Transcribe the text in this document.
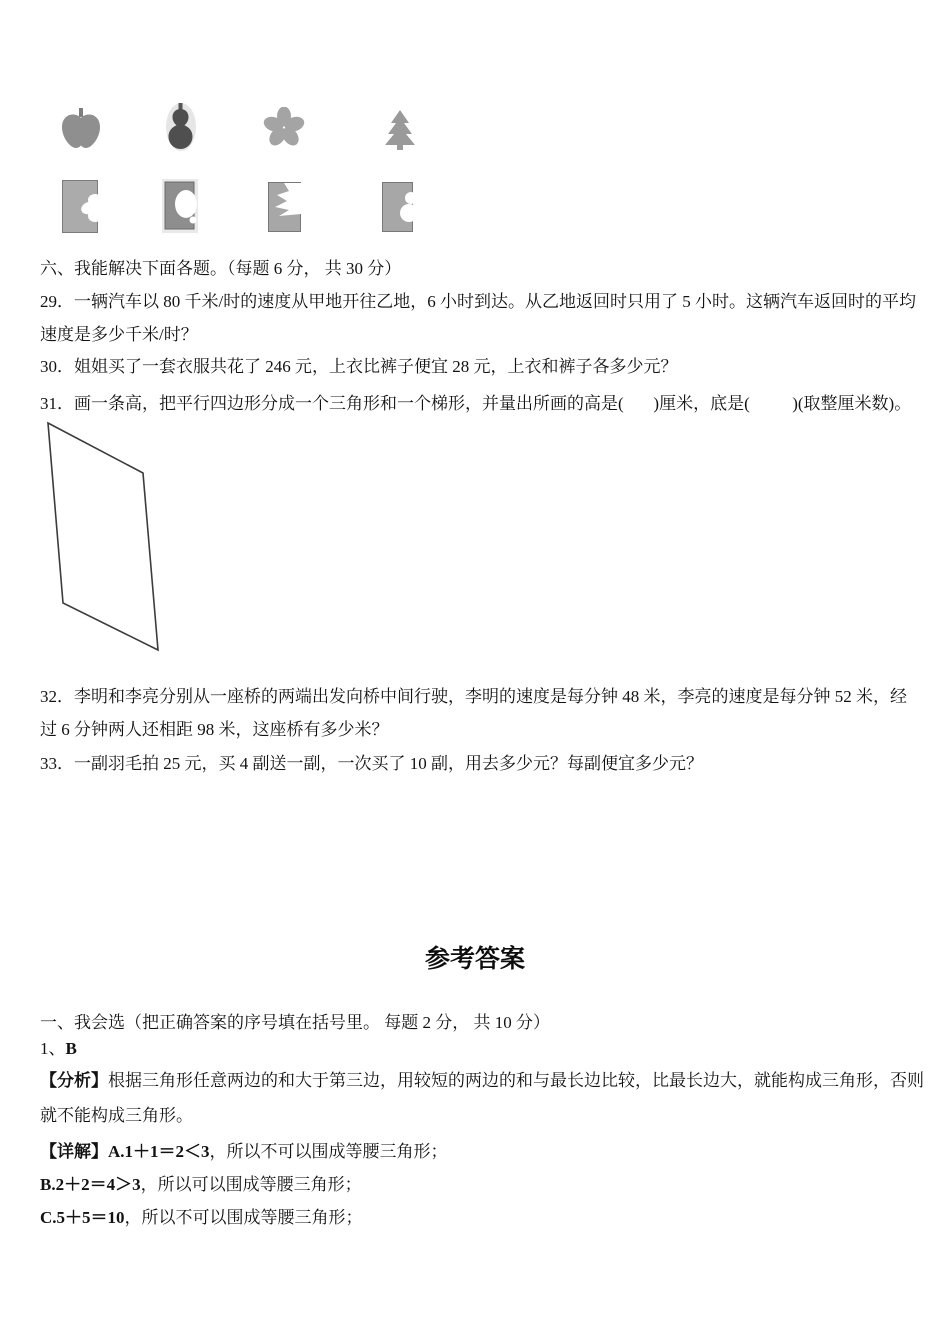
六、我能解决下面各题。（每题 6 分， 共 30 分）
29．一辆汽车以 80 千米/时的速度从甲地开往乙地，6 小时到达。从乙地返回时只用了 5 小时。这辆汽车返回时的平均
速度是多少千米/时？
30．姐姐买了一套衣服共花了 246 元，上衣比裤子便宜 28 元，上衣和裤子各多少元？
31．画一条高，把平行四边形分成一个三角形和一个梯形，并量出所画的高是(       )厘米，底是(          )(取整厘米数)。
32．李明和李亮分别从一座桥的两端出发向桥中间行驶，李明的速度是每分钟 48 米，李亮的速度是每分钟 52 米，经
过 6 分钟两人还相距 98 米，这座桥有多少米？
33．一副羽毛拍 25 元，买 4 副送一副，一次买了 10 副，用去多少元？每副便宜多少元？
参考答案
一、我会选（把正确答案的序号填在括号里。 每题 2 分， 共 10 分）
1、B
【分析】根据三角形任意两边的和大于第三边，用较短的两边的和与最长边比较，比最长边大，就能构成三角形，否则
就不能构成三角形。
【详解】A.1＋1＝2＜3，所以不可以围成等腰三角形；
B.2＋2＝4＞3，所以可以围成等腰三角形；
C.5＋5＝10，所以不可以围成等腰三角形；
